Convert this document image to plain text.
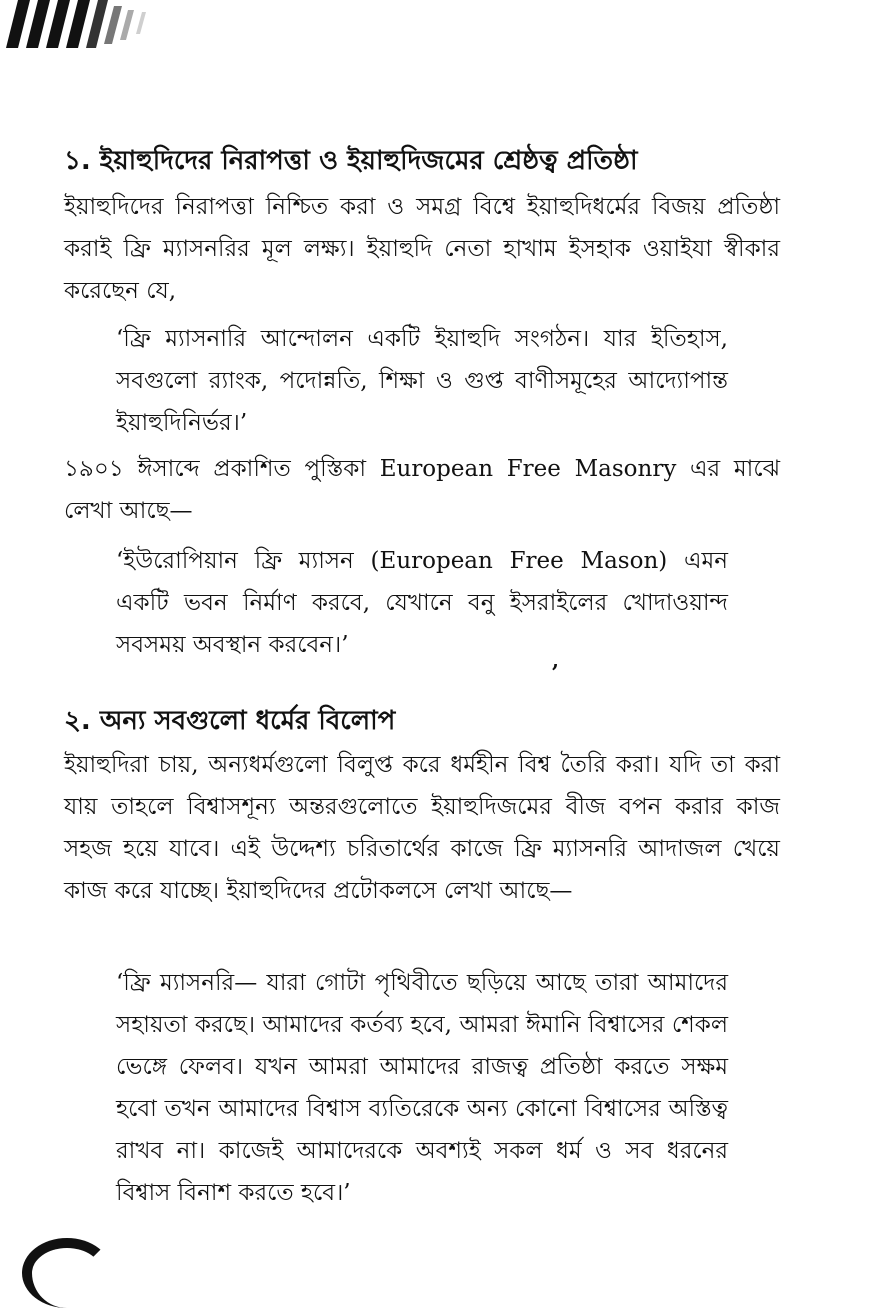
১. ইয়াহুদিদের নিরাপত্তা ও ইয়াহুদিজমের শ্রেষ্ঠত্ব প্রতিষ্ঠা

ইয়াহুদিদের নিরাপত্তা নিশ্চিত করা ও সমগ্র বিশ্বে ইয়াহুদিধর্মের বিজয় প্রতিষ্ঠা করাই ফ্রি ম্যাসনরির মূল লক্ষ্য। ইয়াহুদি নেতা হাখাম ইসহাক ওয়াইযা স্বীকার করেছেন যে,

‘ফ্রি ম্যাসনারি আন্দোলন একটি ইয়াহুদি সংগঠন। যার ইতিহাস, সবগুলো র‍্যাংক, পদোন্নতি, শিক্ষা ও গুপ্ত বাণীসমূহের আদ্যোপান্ত ইয়াহুদিনির্ভর।’

১৯০১ ঈসাব্দে প্রকাশিত পুস্তিকা European Free Masonry এর মাঝে লেখা আছে—

‘ইউরোপিয়ান ফ্রি ম্যাসন (European Free Mason) এমন একটি ভবন নির্মাণ করবে, যেখানে বনু ইসরাইলের খোদাওয়ান্দ সবসময় অবস্থান করবেন।’

,
২. অন্য সবগুলো ধর্মের বিলোপ

ইয়াহুদিরা চায়, অন্যধর্মগুলো বিলুপ্ত করে ধর্মহীন বিশ্ব তৈরি করা। যদি তা করা যায় তাহলে বিশ্বাসশূন্য অন্তরগুলোতে ইয়াহুদিজমের বীজ বপন করার কাজ সহজ হয়ে যাবে। এই উদ্দেশ্য চরিতার্থের কাজে ফ্রি ম্যাসনরি আদাজল খেয়ে কাজ করে যাচ্ছে। ইয়াহুদিদের প্রটোকলসে লেখা আছে—

‘ফ্রি ম্যাসনরি— যারা গোটা পৃথিবীতে ছড়িয়ে আছে তারা আমাদের সহায়তা করছে। আমাদের কর্তব্য হবে, আমরা ঈমানি বিশ্বাসের শেকল ভেঙ্গে ফেলব। যখন আমরা আমাদের রাজত্ব প্রতিষ্ঠা করতে সক্ষম হবো তখন আমাদের বিশ্বাস ব্যতিরেকে অন্য কোনো বিশ্বাসের অস্তিত্ব রাখব না। কাজেই আমাদেরকে অবশ্যই সকল ধর্ম ও সব ধরনের বিশ্বাস বিনাশ করতে হবে।’
